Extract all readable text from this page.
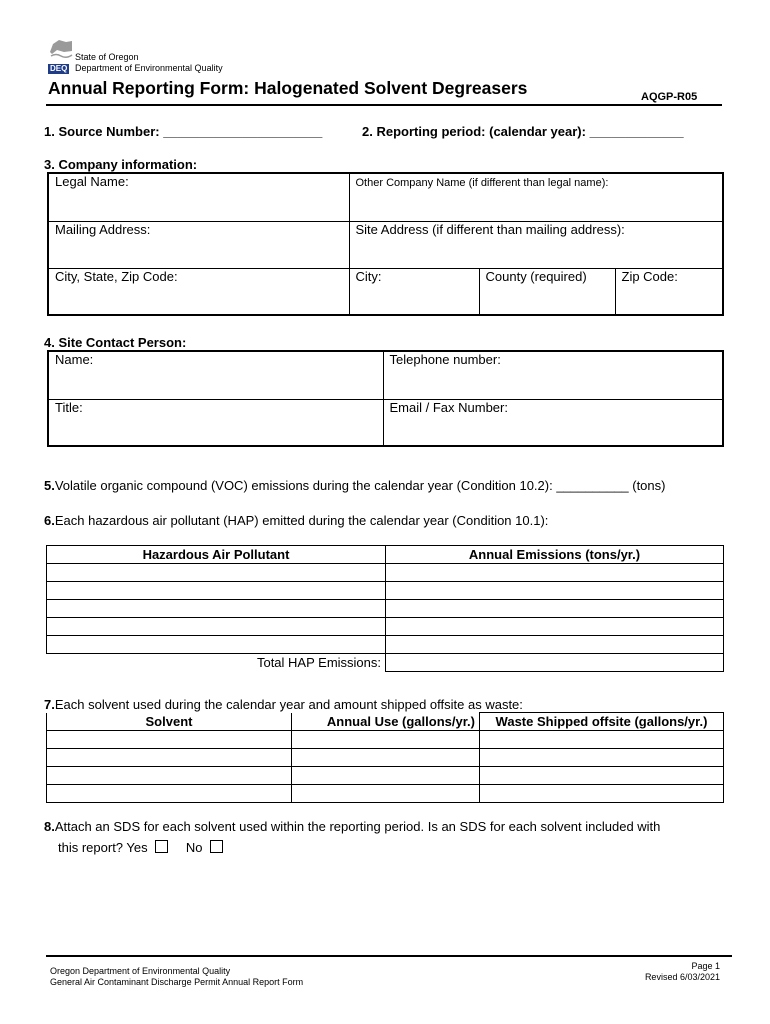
State of Oregon
DEQ Department of Environmental Quality
Annual Reporting Form: Halogenated Solvent Degreasers	AQGP-R05
1. Source Number: ______________________	2. Reporting period: (calendar year): _____________
3. Company information:
Legal Name:	Other Company Name (if different than legal name):		
Mailing Address:	Site Address (if different than mailing address):		
City, State, Zip Code:	City:	County (required)	Zip Code:
4. Site Contact Person:
Name:	Telephone number:
Title:	Email / Fax Number:
5.Volatile organic compound (VOC) emissions during the calendar year (Condition 10.2): __________ (tons)
6.Each hazardous air pollutant (HAP) emitted during the calendar year (Condition 10.1):
Hazardous Air Pollutant	Annual Emissions (tons/yr.)

Total HAP Emissions:	
7.Each solvent used during the calendar year and amount shipped offsite as waste:
Solvent	Annual Use (gallons/yr.)	Waste Shipped offsite (gallons/yr.)

8.Attach an SDS for each solvent used within the reporting period. Is an SDS for each solvent included with
this report? Yes	No
Oregon Department of Environmental Quality
General Air Contaminant Discharge Permit Annual Report Form
Page 1
Revised 6/03/2021
